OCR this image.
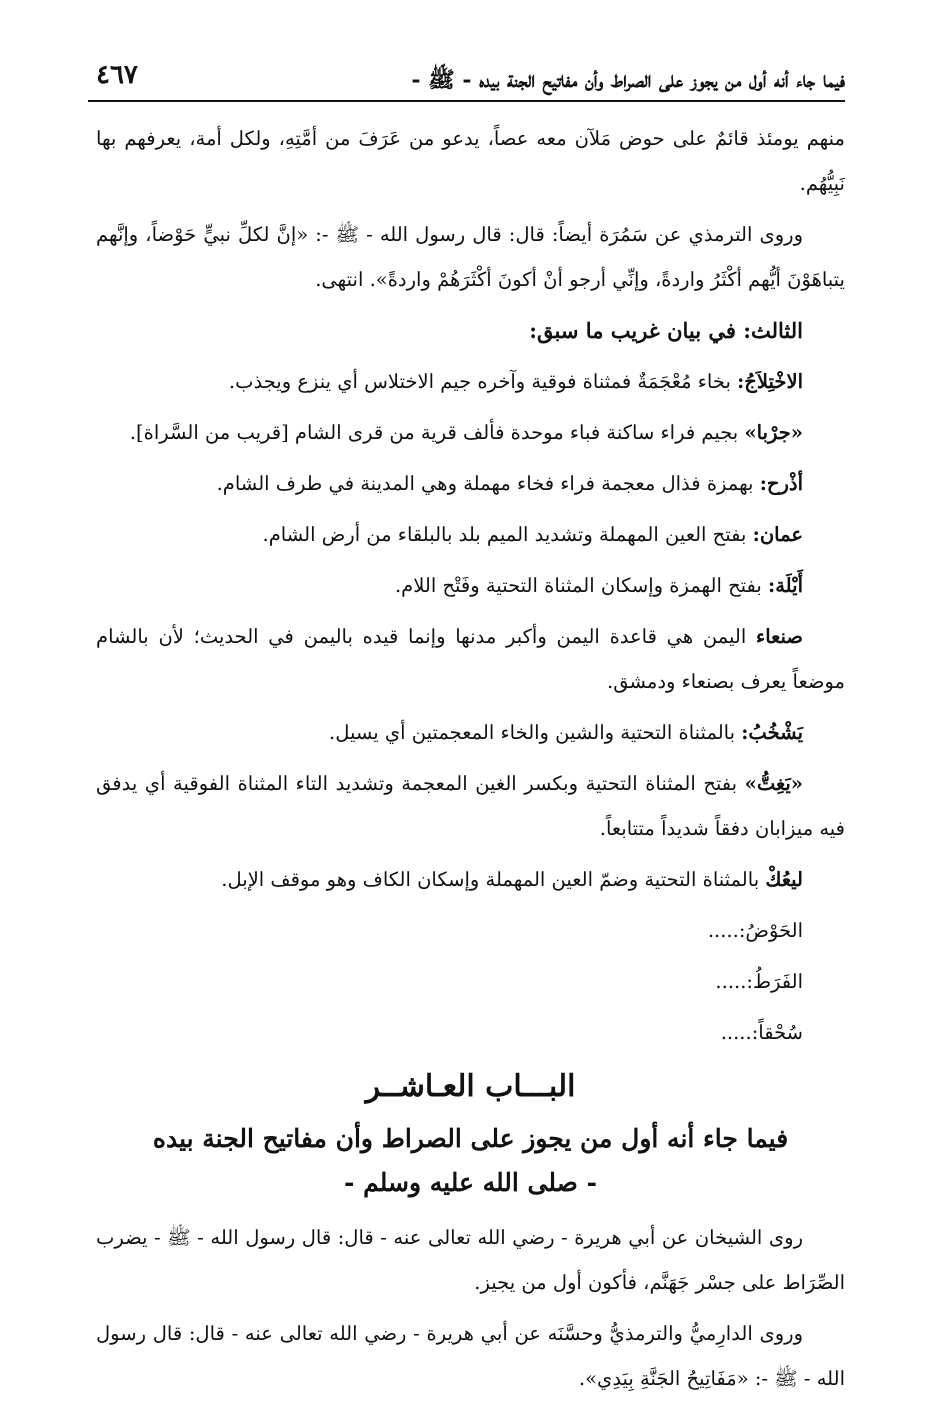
فيما جاء أنه أول من يجوز على الصراط وأن مفاتيح الجنة بيده - ﷺ -
٤٦٧

منهم يومئذ قائمٌ على حوض مَلآن معه عصاً، يدعو من عَرَفَ من أمَّتِهِ، ولكل أمة، يعرفهم بها نَبِيُّهُم.

وروى الترمذي عن سَمُرَة أيضاً: قال: قال رسول الله - ﷺ -: «إنَّ لكلِّ نبيٍّ حَوْضاً، وإنَّهم يتباهَوْنَ أيُّهم أكْثَرُ واردةً، وإنِّي أرجو أنْ أكونَ أكْثَرَهُمْ واردةً». انتهى.

الثالث: في بيان غريب ما سبق:

الاخْتِلاَجُ: بخاء مُعْجَمَةٌ فمثناة فوقية وآخره جيم الاختلاس أي ينزع ويجذب.

«جرْبا» بجيم فراء ساكنة فباء موحدة فألف قرية من قرى الشام [قريب من السَّراة].

أذْرح: بهمزة فذال معجمة فراء فخاء مهملة وهي المدينة في طرف الشام.

عمان: بفتح العين المهملة وتشديد الميم بلد بالبلقاء من أرض الشام.

أَيْلَة: بفتح الهمزة وإسكان المثناة التحتية وفَتْح اللام.

صنعاء اليمن هي قاعدة اليمن وأكبر مدنها وإنما قيده باليمن في الحديث؛ لأن بالشام موضعاً يعرف بصنعاء ودمشق.

يَشْخُبُ: بالمثناة التحتية والشين والخاء المعجمتين أي يسيل.

«يَغِتُّ» بفتح المثناة التحتية وبكسر الغين المعجمة وتشديد التاء المثناة الفوقية أي يدفق فيه ميزابان دفقاً شديداً متتابعاً.

ليعُكْ بالمثناة التحتية وضمّ العين المهملة وإسكان الكاف وهو موقف الإبل.

الحَوْضُ:.....

الفَرَطُ:.....

سُحْقاً:.....

البـــاب العـاشــر
فيما جاء أنه أول من يجوز على الصراط وأن مفاتيح الجنة بيده
- صلى الله عليه وسلم -

روى الشيخان عن أبي هريرة - رضي الله تعالى عنه - قال: قال رسول الله - ﷺ - يضرب الصِّرَاط على جسْر جَهَنَّم، فأكون أول من يجيز.

وروى الدارِميُّ والترمذيُّ وحسَّنَه عن أبي هريرة - رضي الله تعالى عنه - قال: قال رسول الله - ﷺ -: «مَفَاتِيحُ الجَنَّةِ بِيَدِي».
